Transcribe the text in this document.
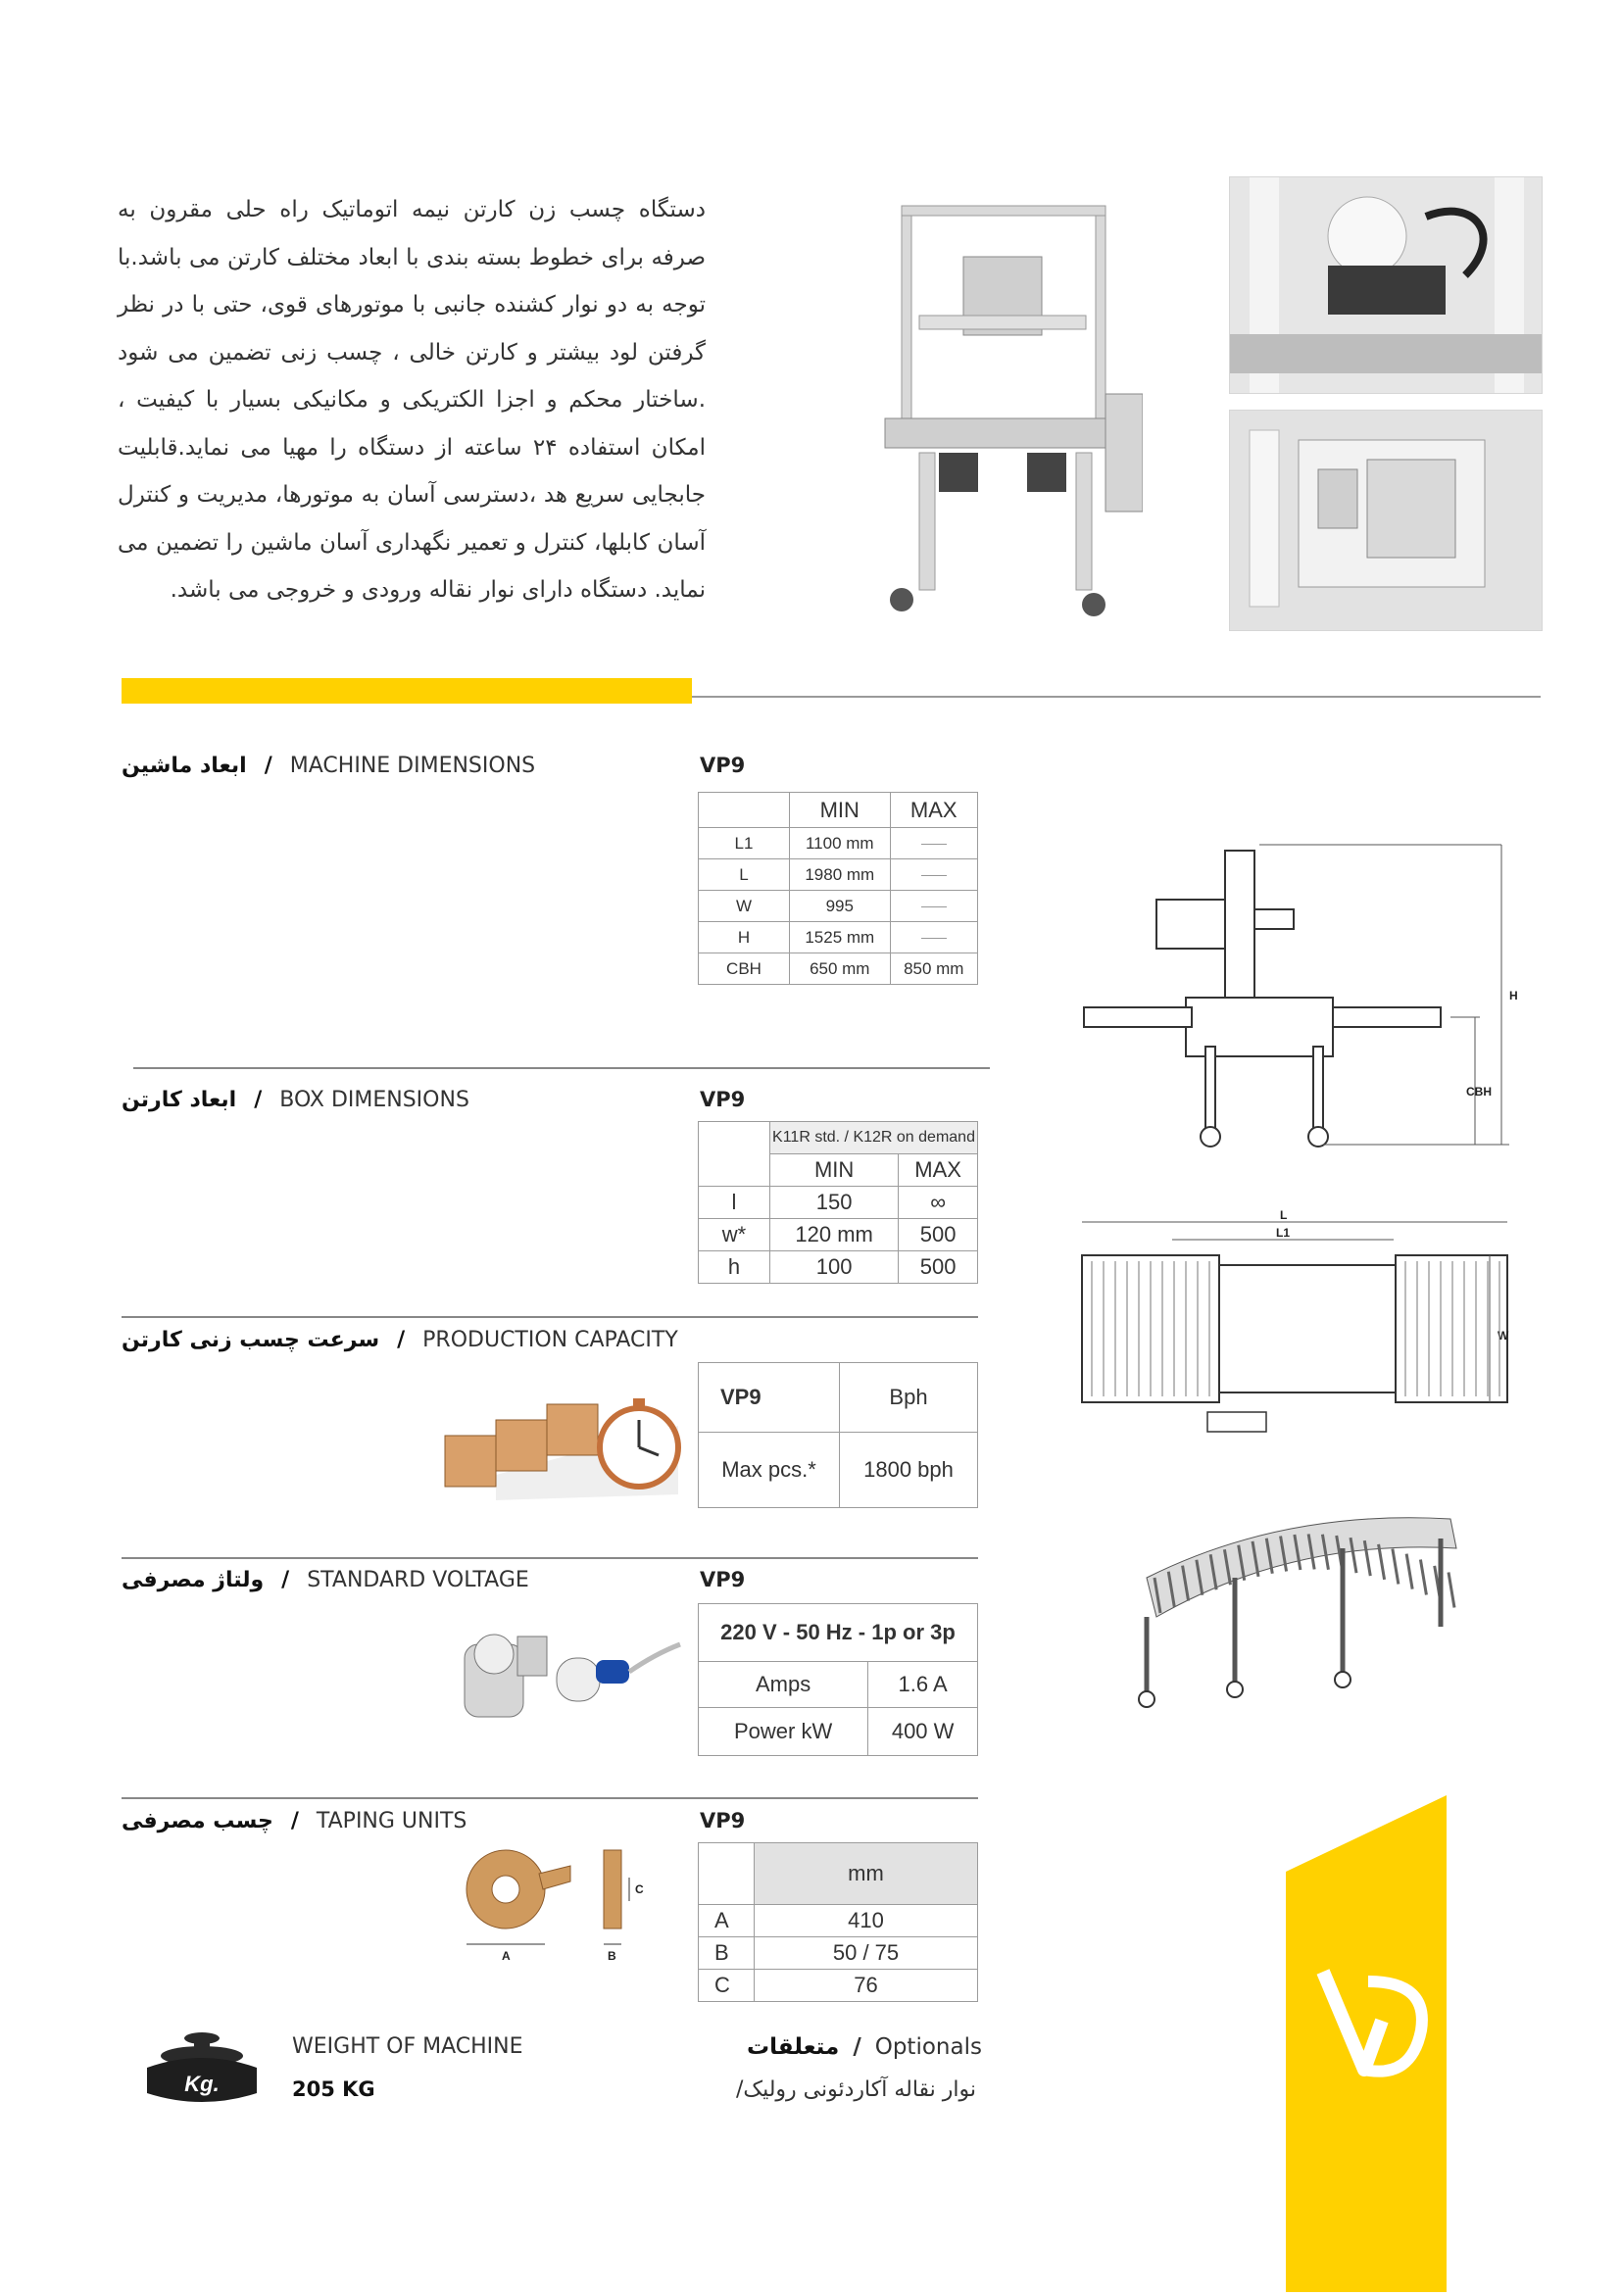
دستگاه چسب زن کارتن نیمه اتوماتیک راه حلی مقرون به صرفه برای خطوط بسته بندی با ابعاد مختلف کارتن می باشد.با توجه به دو نوار کشنده جانبی با موتورهای قوی، حتی با در نظر گرفتن لود بیشتر و کارتن خالی ، چسب زنی تضمین می شود .ساختار محکم و اجزا الکتریکی و مکانیکی بسیار با کیفیت ، امکان استفاده ۲۴ ساعته از دستگاه را مهیا می نماید.قابلیت جابجایی سریع هد ،دسترسی آسان به موتورها، مدیریت و کنترل آسان کابلها، کنترل و تعمیر نگهداری آسان ماشین را تضمین می نماید. دستگاه دارای نوار نقاله ورودی و خروجی می باشد.
ابعاد ماشین / MACHINE DIMENSIONS	VP9
	MIN	MAX
L1	1100 mm	
L	1980 mm	
W	995	
H	1525 mm	
CBH	650 mm	850 mm
H
CBH
ابعاد کارتن / BOX DIMENSIONS	VP9
	K11R std. / K12R on demand	
	MIN	MAX
l	150	∞
w*	120 mm	500
h	100	500
L
L1
W
سرعت چسب زنی کارتن / PRODUCTION CAPACITY
VP9	Bph
Max pcs.*	1800 bph
ولتاژ مصرفی / STANDARD VOLTAGE	VP9
220 V - 50 Hz - 1p or 3p	
Amps	1.6 A
Power kW	400 W
چسب مصرفی / TAPING UNITS	VP9
A	B
C
	mm
A	410
B	50 / 75
C	76
Kg.
WEIGHT OF MACHINE
205 KG
متعلقات / Optionals
نوار نقاله آکاردئونی رولیک/
